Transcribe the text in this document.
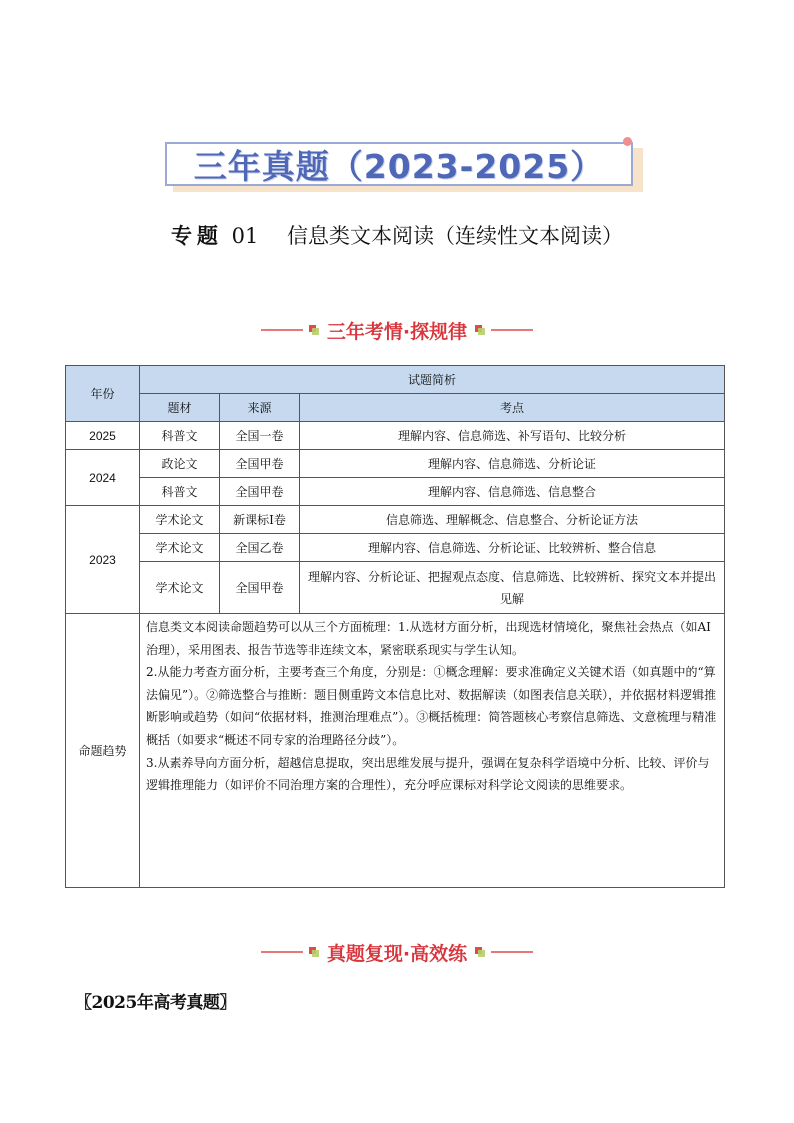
三年真题（2023-2025）
专题 01 信息类文本阅读（连续性文本阅读）
三年考情·探规律
年份	试题简析		
	题材	来源	考点
2025	科普文	全国一卷	理解内容、信息筛选、补写语句、比较分析
2024	政论文	全国甲卷	理解内容、信息筛选、分析论证
	科普文	全国甲卷	理解内容、信息筛选、信息整合
2023	学术论文	新课标Ⅰ卷	信息筛选、理解概念、信息整合、分析论证方法
	学术论文	全国乙卷	理解内容、信息筛选、分析论证、比较辨析、整合信息
	学术论文	全国甲卷	理解内容、分析论证、把握观点态度、信息筛选、比较辨析、探究文本并提出见解
命题趋势	信息类文本阅读命题趋势可以从三个方面梳理：1.从选材方面分析，出现选材情境化，聚焦社会热点（如AI治理），采用图表、报告节选等非连续文本，紧密联系现实与学生认知。

2.从能力考查方面分析，主要考查三个角度，分别是：①概念理解：要求准确定义关键术语（如真题中的“算法偏见”）。②筛选整合与推断：题目侧重跨文本信息比对、数据解读（如图表信息关联），并依据材料逻辑推断影响或趋势（如问“依据材料，推测治理难点”）。③概括梳理：简答题核心考察信息筛选、文意梳理与精准概括（如要求“概述不同专家的治理路径分歧”）。

3.从素养导向方面分析，超越信息提取，突出思维发展与提升，强调在复杂科学语境中分析、比较、评价与逻辑推理能力（如评价不同治理方案的合理性），充分呼应课标对科学论文阅读的思维要求。		

真题复现·高效练
〖2025年高考真题〗
